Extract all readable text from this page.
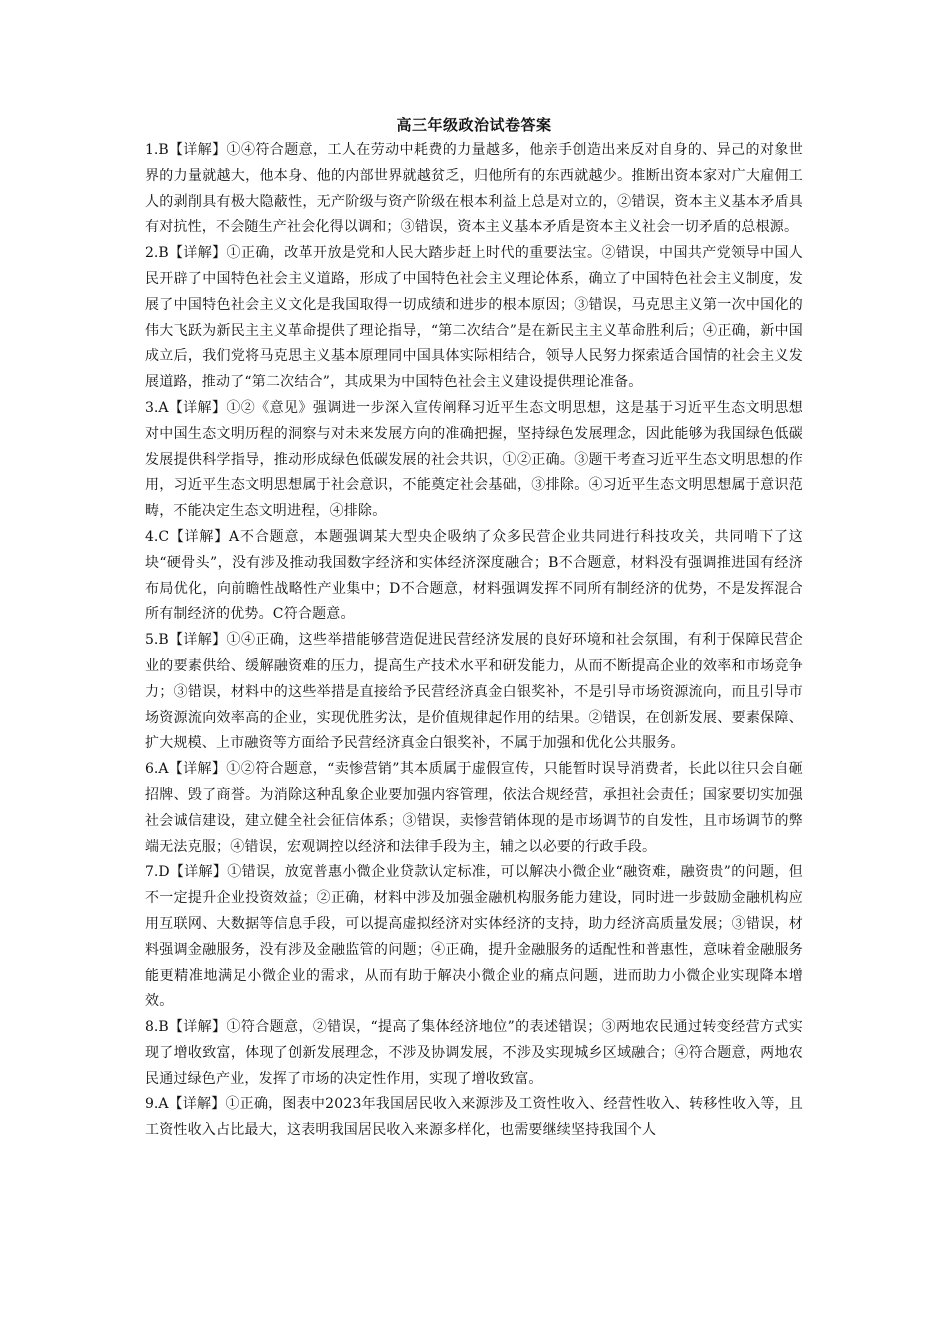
高三年级政治试卷答案

1.B【详解】①④符合题意，工人在劳动中耗费的力量越多，他亲手创造出来反对自身的、异己的对象世界的力量就越大，他本身、他的内部世界就越贫乏，归他所有的东西就越少。推断出资本家对广大雇佣工人的剥削具有极大隐蔽性，无产阶级与资产阶级在根本利益上总是对立的，②错误，资本主义基本矛盾具有对抗性，不会随生产社会化得以调和；③错误，资本主义基本矛盾是资本主义社会一切矛盾的总根源。

2.B【详解】①正确，改革开放是党和人民大踏步赶上时代的重要法宝。②错误，中国共产党领导中国人民开辟了中国特色社会主义道路，形成了中国特色社会主义理论体系，确立了中国特色社会主义制度，发展了中国特色社会主义文化是我国取得一切成绩和进步的根本原因；③错误，马克思主义第一次中国化的伟大飞跃为新民主主义革命提供了理论指导，“第二次结合”是在新民主主义革命胜利后；④正确，新中国成立后，我们党将马克思主义基本原理同中国具体实际相结合，领导人民努力探索适合国情的社会主义发展道路，推动了“第二次结合”，其成果为中国特色社会主义建设提供理论准备。

3.A【详解】①②《意见》强调进一步深入宣传阐释习近平生态文明思想，这是基于习近平生态文明思想对中国生态文明历程的洞察与对未来发展方向的准确把握，坚持绿色发展理念，因此能够为我国绿色低碳发展提供科学指导，推动形成绿色低碳发展的社会共识，①②正确。③题干考查习近平生态文明思想的作用，习近平生态文明思想属于社会意识，不能奠定社会基础，③排除。④习近平生态文明思想属于意识范畴，不能决定生态文明进程，④排除。

4.C【详解】A不合题意，本题强调某大型央企吸纳了众多民营企业共同进行科技攻关，共同啃下了这块“硬骨头”，没有涉及推动我国数字经济和实体经济深度融合；B不合题意，材料没有强调推进国有经济布局优化，向前瞻性战略性产业集中；D不合题意，材料强调发挥不同所有制经济的优势，不是发挥混合所有制经济的优势。C符合题意。

5.B【详解】①④正确，这些举措能够营造促进民营经济发展的良好环境和社会氛围，有利于保障民营企业的要素供给、缓解融资难的压力，提高生产技术水平和研发能力，从而不断提高企业的效率和市场竞争力；③错误，材料中的这些举措是直接给予民营经济真金白银奖补，不是引导市场资源流向，而且引导市场资源流向效率高的企业，实现优胜劣汰，是价值规律起作用的结果。②错误，在创新发展、要素保障、扩大规模、上市融资等方面给予民营经济真金白银奖补，不属于加强和优化公共服务。

6.A【详解】①②符合题意，“卖惨营销”其本质属于虚假宣传，只能暂时误导消费者，长此以往只会自砸招牌、毁了商誉。为消除这种乱象企业要加强内容管理，依法合规经营，承担社会责任；国家要切实加强社会诚信建设，建立健全社会征信体系；③错误，卖惨营销体现的是市场调节的自发性，且市场调节的弊端无法克服；④错误，宏观调控以经济和法律手段为主，辅之以必要的行政手段。

7.D【详解】①错误，放宽普惠小微企业贷款认定标准，可以解决小微企业“融资难，融资贵”的问题，但不一定提升企业投资效益；②正确，材料中涉及加强金融机构服务能力建设，同时进一步鼓励金融机构应用互联网、大数据等信息手段，可以提高虚拟经济对实体经济的支持，助力经济高质量发展；③错误，材料强调金融服务，没有涉及金融监管的问题；④正确，提升金融服务的适配性和普惠性，意味着金融服务能更精准地满足小微企业的需求，从而有助于解决小微企业的痛点问题，进而助力小微企业实现降本增效。

8.B【详解】①符合题意，②错误，“提高了集体经济地位”的表述错误；③两地农民通过转变经营方式实现了增收致富，体现了创新发展理念，不涉及协调发展，不涉及实现城乡区域融合；④符合题意，两地农民通过绿色产业，发挥了市场的决定性作用，实现了增收致富。

9.A【详解】①正确，图表中2023年我国居民收入来源涉及工资性收入、经营性收入、转移性收入等，且工资性收入占比最大，这表明我国居民收入来源多样化，也需要继续坚持我国个人
